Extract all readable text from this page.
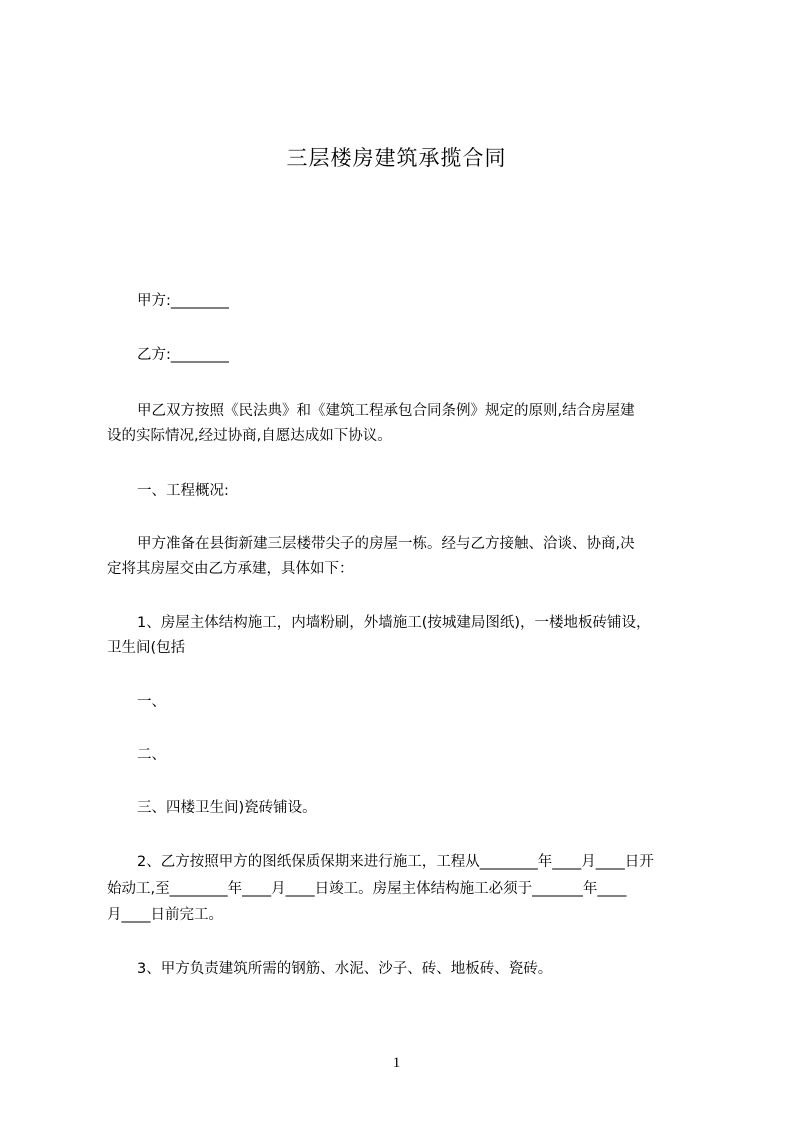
三层楼房建筑承揽合同
甲方:________
乙方:________
甲乙双方按照《民法典》和《建筑工程承包合同条例》规定的原则,结合房屋建
设的实际情况,经过协商,自愿达成如下协议。
一、工程概况:
甲方准备在县街新建三层楼带尖子的房屋一栋。经与乙方接触、洽谈、协商,决
定将其房屋交由乙方承建，具体如下：
1、房屋主体结构施工，内墙粉刷，外墙施工(按城建局图纸)，一楼地板砖铺设，
卫生间(包括
一、
二、
三、四楼卫生间)瓷砖铺设。
2、乙方按照甲方的图纸保质保期来进行施工，工程从________年____月____日开
始动工,至________年____月____日竣工。房屋主体结构施工必须于_______年____
月____日前完工。
3、甲方负责建筑所需的钢筋、水泥、沙子、砖、地板砖、瓷砖。
1
